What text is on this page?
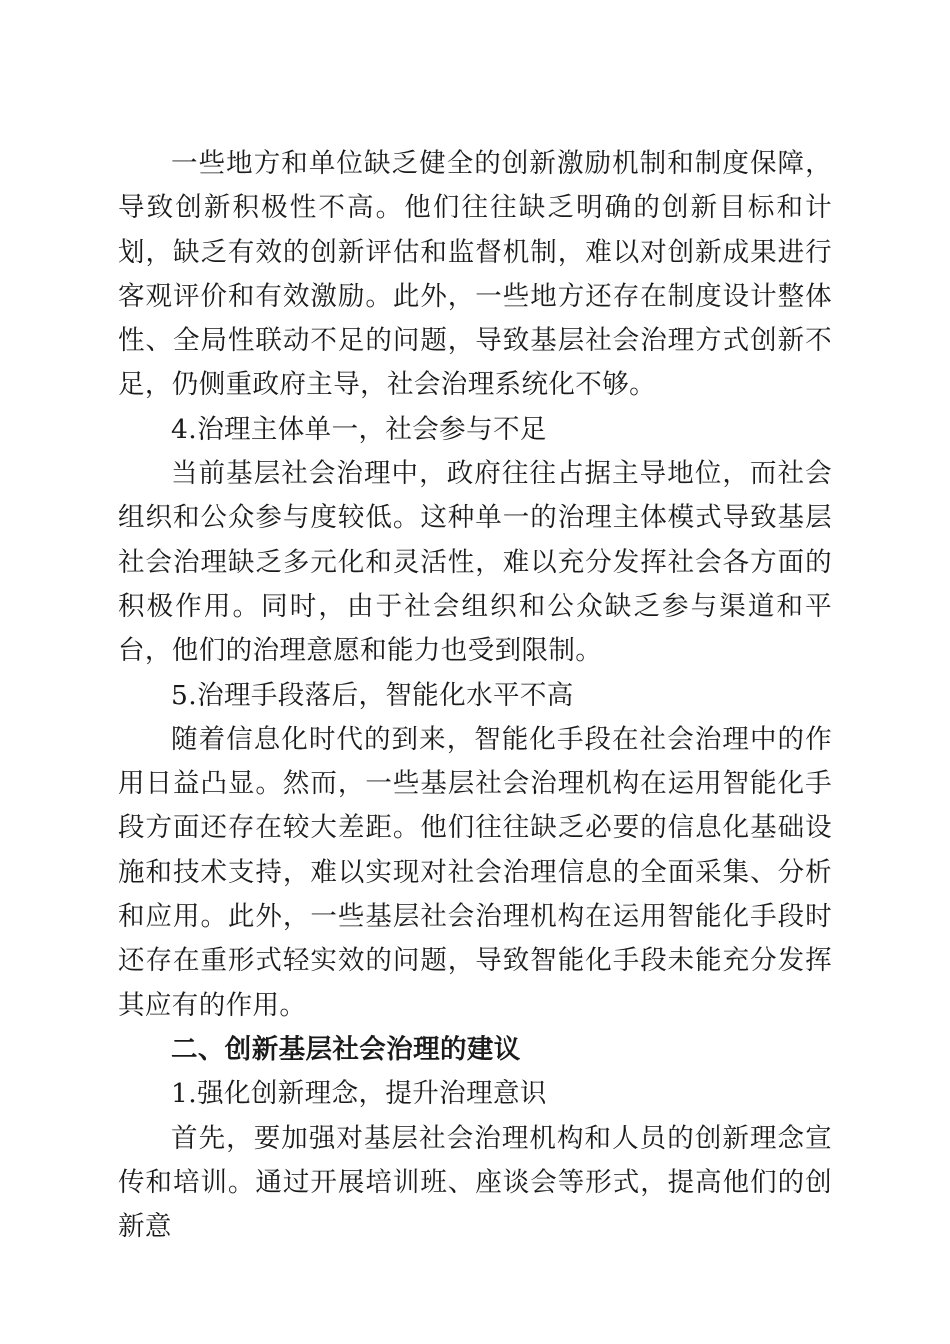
一些地方和单位缺乏健全的创新激励机制和制度保障，导致创新积极性不高。他们往往缺乏明确的创新目标和计划，缺乏有效的创新评估和监督机制，难以对创新成果进行客观评价和有效激励。此外，一些地方还存在制度设计整体性、全局性联动不足的问题，导致基层社会治理方式创新不足，仍侧重政府主导，社会治理系统化不够。

4.治理主体单一，社会参与不足

当前基层社会治理中，政府往往占据主导地位，而社会组织和公众参与度较低。这种单一的治理主体模式导致基层社会治理缺乏多元化和灵活性，难以充分发挥社会各方面的积极作用。同时，由于社会组织和公众缺乏参与渠道和平台，他们的治理意愿和能力也受到限制。

5.治理手段落后，智能化水平不高

随着信息化时代的到来，智能化手段在社会治理中的作用日益凸显。然而，一些基层社会治理机构在运用智能化手段方面还存在较大差距。他们往往缺乏必要的信息化基础设施和技术支持，难以实现对社会治理信息的全面采集、分析和应用。此外，一些基层社会治理机构在运用智能化手段时还存在重形式轻实效的问题，导致智能化手段未能充分发挥其应有的作用。

二、创新基层社会治理的建议

1.强化创新理念，提升治理意识

首先，要加强对基层社会治理机构和人员的创新理念宣传和培训。通过开展培训班、座谈会等形式，提高他们的创新意
